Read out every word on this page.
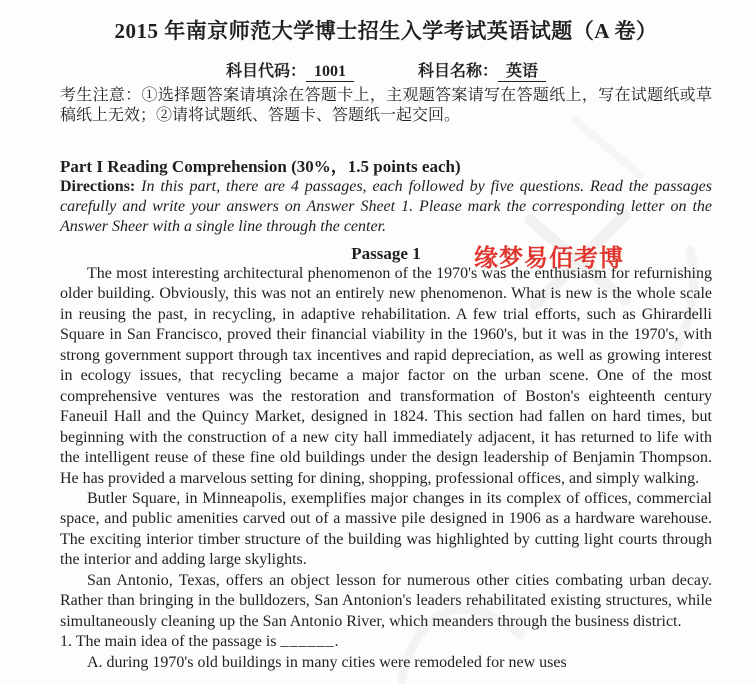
2015 年南京师范大学博士招生入学考试英语试题（A 卷）
科目代码： 1001	科目名称： 英语
考生注意：①选择题答案请填涂在答题卡上，主观题答案请写在答题纸上，写在试题纸或草稿纸上无效；②请将试题纸、答题卡、答题纸一起交回。
Part I Reading Comprehension (30%，1.5 points each)

Directions: In this part, there are 4 passages, each followed by five questions. Read the passages carefully and write your answers on Answer Sheet 1. Please mark the corresponding letter on the Answer Sheer with a single line through the center.

Passage 1

The most interesting architectural phenomenon of the 1970's was the enthusiasm for refurnishing older building. Obviously, this was not an entirely new phenomenon. What is new is the whole scale in reusing the past, in recycling, in adaptive rehabilitation. A few trial efforts, such as Ghirardelli Square in San Francisco, proved their financial viability in the 1960's, but it was in the 1970's, with strong government support through tax incentives and rapid depreciation, as well as growing interest in ecology issues, that recycling became a major factor on the urban scene. One of the most comprehensive ventures was the restoration and transformation of Boston's eighteenth century Faneuil Hall and the Quincy Market, designed in 1824. This section had fallen on hard times, but beginning with the construction of a new city hall immediately adjacent, it has returned to life with the intelligent reuse of these fine old buildings under the design leadership of Benjamin Thompson. He has provided a marvelous setting for dining, shopping, professional offices, and simply walking.

Butler Square, in Minneapolis, exemplifies major changes in its complex of offices, commercial space, and public amenities carved out of a massive pile designed in 1906 as a hardware warehouse. The exciting interior timber structure of the building was highlighted by cutting light courts through the interior and adding large skylights.

San Antonio, Texas, offers an object lesson for numerous other cities combating urban decay. Rather than bringing in the bulldozers, San Antonion's leaders rehabilitated existing structures, while simultaneously cleaning up the San Antonio River, which meanders through the business district.

1. The main idea of the passage is ______.

A. during 1970's old buildings in many cities were remodeled for new uses

缘梦易佰考博
